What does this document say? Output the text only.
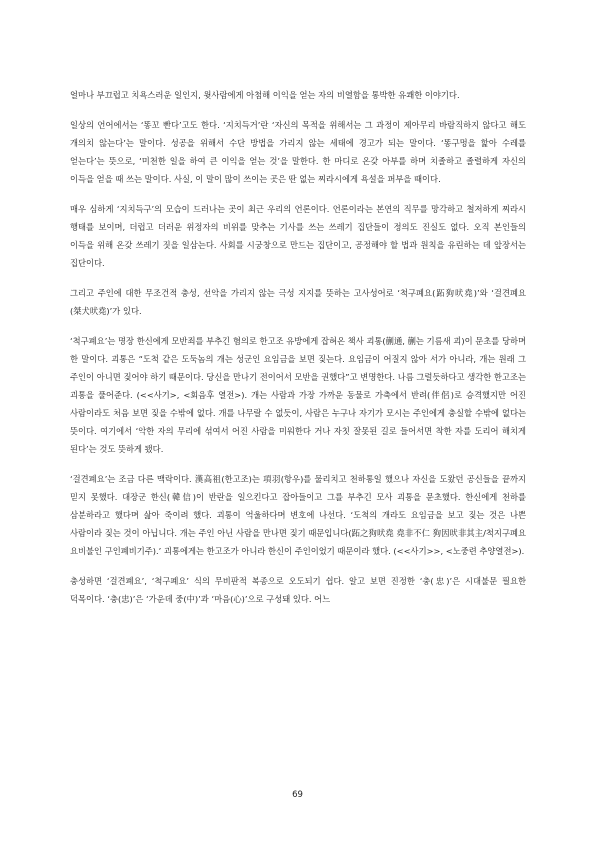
얼마나 부끄럽고 치욕스러운 일인지, 윗사람에게 아첨해 이익을 얻는 자의 비열함을 통박한 유쾌한 이야기다.

일상의 언어에서는 ‘똥꼬 빤다’고도 한다. ‘지치득거’란 ‘자신의 목적을 위해서는 그 과정이 제아무리 바람직하지 않다고 해도 개의치 않는다’는 말이다. 성공을 위해서 수단 방법을 가리지 않는 세태에 경고가 되는 말이다. ‘똥구멍을 핥아 수레를 얻는다’는 뜻으로, ‘미천한 일을 하여 큰 이익을 얻는 것’을 말한다. 한 마디로 온갖 아부를 하며 치졸하고 졸렬하게 자신의 이득을 얻을 때 쓰는 말이다. 사실, 이 말이 많이 쓰이는 곳은 딴 없는 찌라시에게 욕설을 퍼부을 때이다.

매우 심하게 ‘지치득구’의 모습이 드러나는 곳이 최근 우리의 언론이다. 언론이라는 본연의 직무를 망각하고 철저하게 찌라시 행태를 보이며, 더럽고 더러운 위정자의 비위를 맞추는 기사를 쓰는 쓰레기 집단들이 정의도 진실도 없다. 오직 본인들의 이득을 위해 온갖 쓰레기 짓을 일삼는다. 사회를 시궁창으로 만드는 집단이고, 공정해야 할 법과 원칙을 유린하는 데 앞장서는 집단이다.

그리고 주인에 대한 무조건적 충성, 선악을 가리지 않는 극성 지지를 뜻하는 고사성어로 ‘척구폐요(跖狗吠堯)’와 ‘걸견폐요(桀犬吠堯)’가 있다.

‘척구폐요’는 명장 한신에게 모반죄를 부추긴 혐의로 한고조 유방에게 잡혀온 책사 괴통(蒯通, 蒯는 기름새 괴)이 문초를 당하며 한 말이다. 괴통은 “도척 같은 도둑놈의 개는 성군인 요임금을 보면 짖는다. 요임금이 어질지 않아 서가 아니라, 개는 원래 그 주인이 아니면 짖어야 하기 때문이다. 당신을 만나기 전이어서 모반을 권했다”고 변명한다. 나름 그럴듯하다고 생각한 한고조는 괴통을 풀어준다. (<<사기>, <회음후 열전>). 개는 사람과 가장 가까운 동물로 가축에서 반려(伴侶)로 승격했지만 어진 사람이라도 처음 보면 짖을 수밖에 없다. 개를 나무랄 수 없듯이, 사람은 누구나 자기가 모시는 주인에게 충실할 수밖에 없다는 뜻이다. 여기에서 ‘악한 자의 무리에 섞여서 어진 사람을 미워한다 거나 자칫 잘못된 길로 들어서면 착한 자를 도리어 해치게 된다’는 것도 뜻하게 됐다.

‘걸견폐요’는 조금 다른 맥락이다. 漢高祖(한고조)는 項羽(항우)를 물리치고 천하통일 했으나 자신을 도왔던 공신들을 끝까지 믿지 못했다. 대장군 한신(韓信)이 반란을 일으킨다고 잡아들이고 그를 부추긴 모사 괴통을 문초했다. 한신에게 천하를 삼분하라고 했다며 삶아 죽이려 했다. 괴통이 억울하다며 변호에 나선다. ‘도척의 개라도 요임금을 보고 짖는 것은 나쁜 사람이라 짖는 것이 아닙니다. 개는 주인 아닌 사람을 만나면 짖기 때문입니다(跖之狗吠堯 堯非不仁 狗因吠非其主/척지구폐요 요비불인 구인폐비기주).’ 괴통에게는 한고조가 아니라 한신이 주인이었기 때문이라 했다. (<<사기>>, <노중련 추양열전>).

충성하면 ‘걸견폐요’, ‘척구폐요’ 식의 무비판적 복종으로 오도되기 쉽다. 알고 보면 진정한 ‘충(忠)’은 시대불문 필요한 덕목이다. ‘충(忠)’은 ‘가운데 중(中)’과 ‘마음(心)’으로 구성돼 있다. 어느

69
